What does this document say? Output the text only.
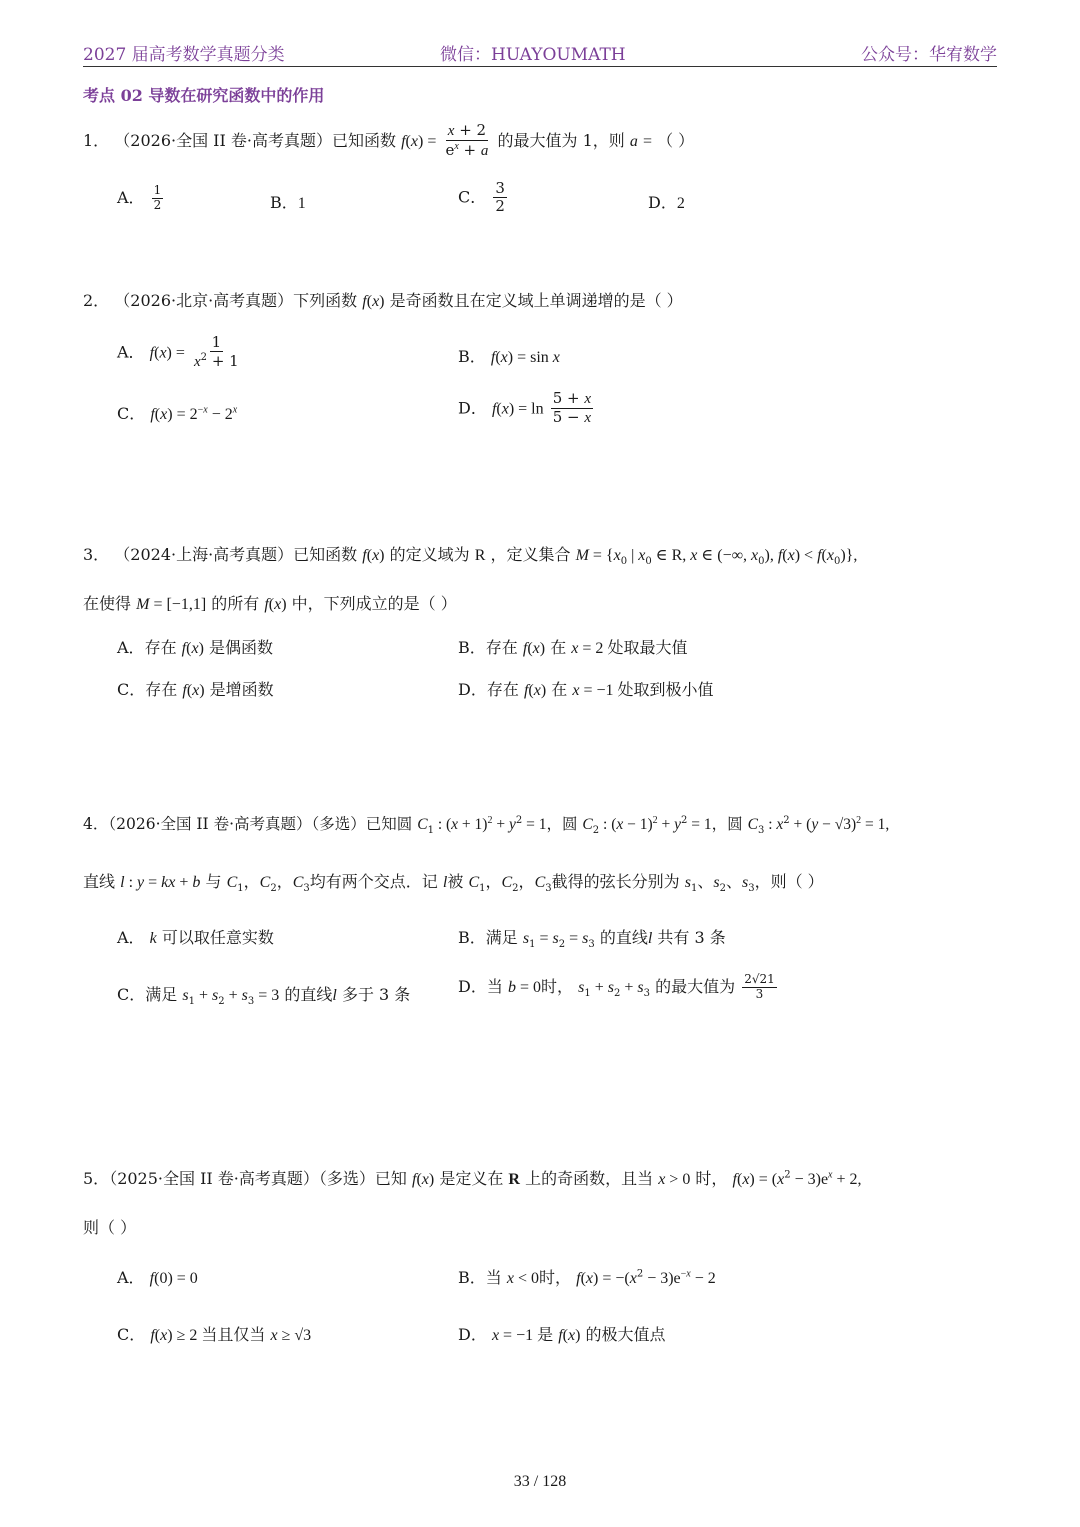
2027 届高考数学真题分类	微信：HUAYOUMATH	公众号：华宥数学
考点 02 导数在研究函数中的作用
1． （2026·全国 II 卷·高考真题）已知函数 $f(x) = \frac{x + 2}{e^x + a}$ 的最大值为 1，则 a = （ ）
A． $\frac{1}{2}$	B．1	C． $\frac{3}{2}$	D．2
2． （2026·北京·高考真题）下列函数 f(x) 是奇函数且在定义域上单调递增的是（ ）
A． $f(x) = \frac{1}{x^2 + 1}$	B． f(x) = sin x
C． $f(x) = 2^{-x} - 2^x$	D． $f(x) = \ln \frac{5 + x}{5 - x}$
3． （2024·上海·高考真题）已知函数 f(x) 的定义域为 R ，定义集合 $M = \{x_0$ | $x_0$ ∈ R, x ∈ (−∞, $x_0$), $f(x) < f(x_0)$},
在使得 M = [−1,1] 的所有 f(x) 中，下列成立的是（ ）
A．存在 f(x) 是偶函数	B．存在 f(x) 在 x = 2 处取最大值
C．存在 f(x) 是增函数	D．存在 f(x) 在 x = −1 处取到极小值
4．（2026·全国 II 卷·高考真题）（多选）已知圆 $C_1$ : $(x + 1)^2 + y^2 = 1$，圆 $C_2$ : $(x - 1)^2 + y^2 = 1$，圆 $C_3$ : $x^2 + (y - √3)^2 = 1$,
直线 l : y = kx + b 与 $C_1$，$C_2$，$C_3$均有两个交点．记 l被 $C_1$，$C_2$，$C_3$截得的弦长分别为 $s_1$、$s_2$、$s_3$，则（ ）
A． k 可以取任意实数	B．满足 $s_1 = s_2 = s_3$ 的直线l 共有 3 条
C．满足 $s_1 + s_2 + s_3 = 3$ 的直线l 多于 3 条	D．当 b = 0时， $s_1 + s_2 + s_3$ 的最大值为 $\frac{2√21}{3}$
5．（2025·全国 II 卷·高考真题）（多选）已知 f(x) 是定义在 R 上的奇函数，且当 x > 0 时， $f(x) = (x^2 - 3)e^x + 2$,
则（ ）
A． f(0) = 0	B．当 x < 0时， $f(x) = -(x^2 - 3)e^{-x} - 2$
C． f(x) ≥ 2 当且仅当 x ≥ √3	D． x = −1 是 f(x) 的极大值点
33 / 128
